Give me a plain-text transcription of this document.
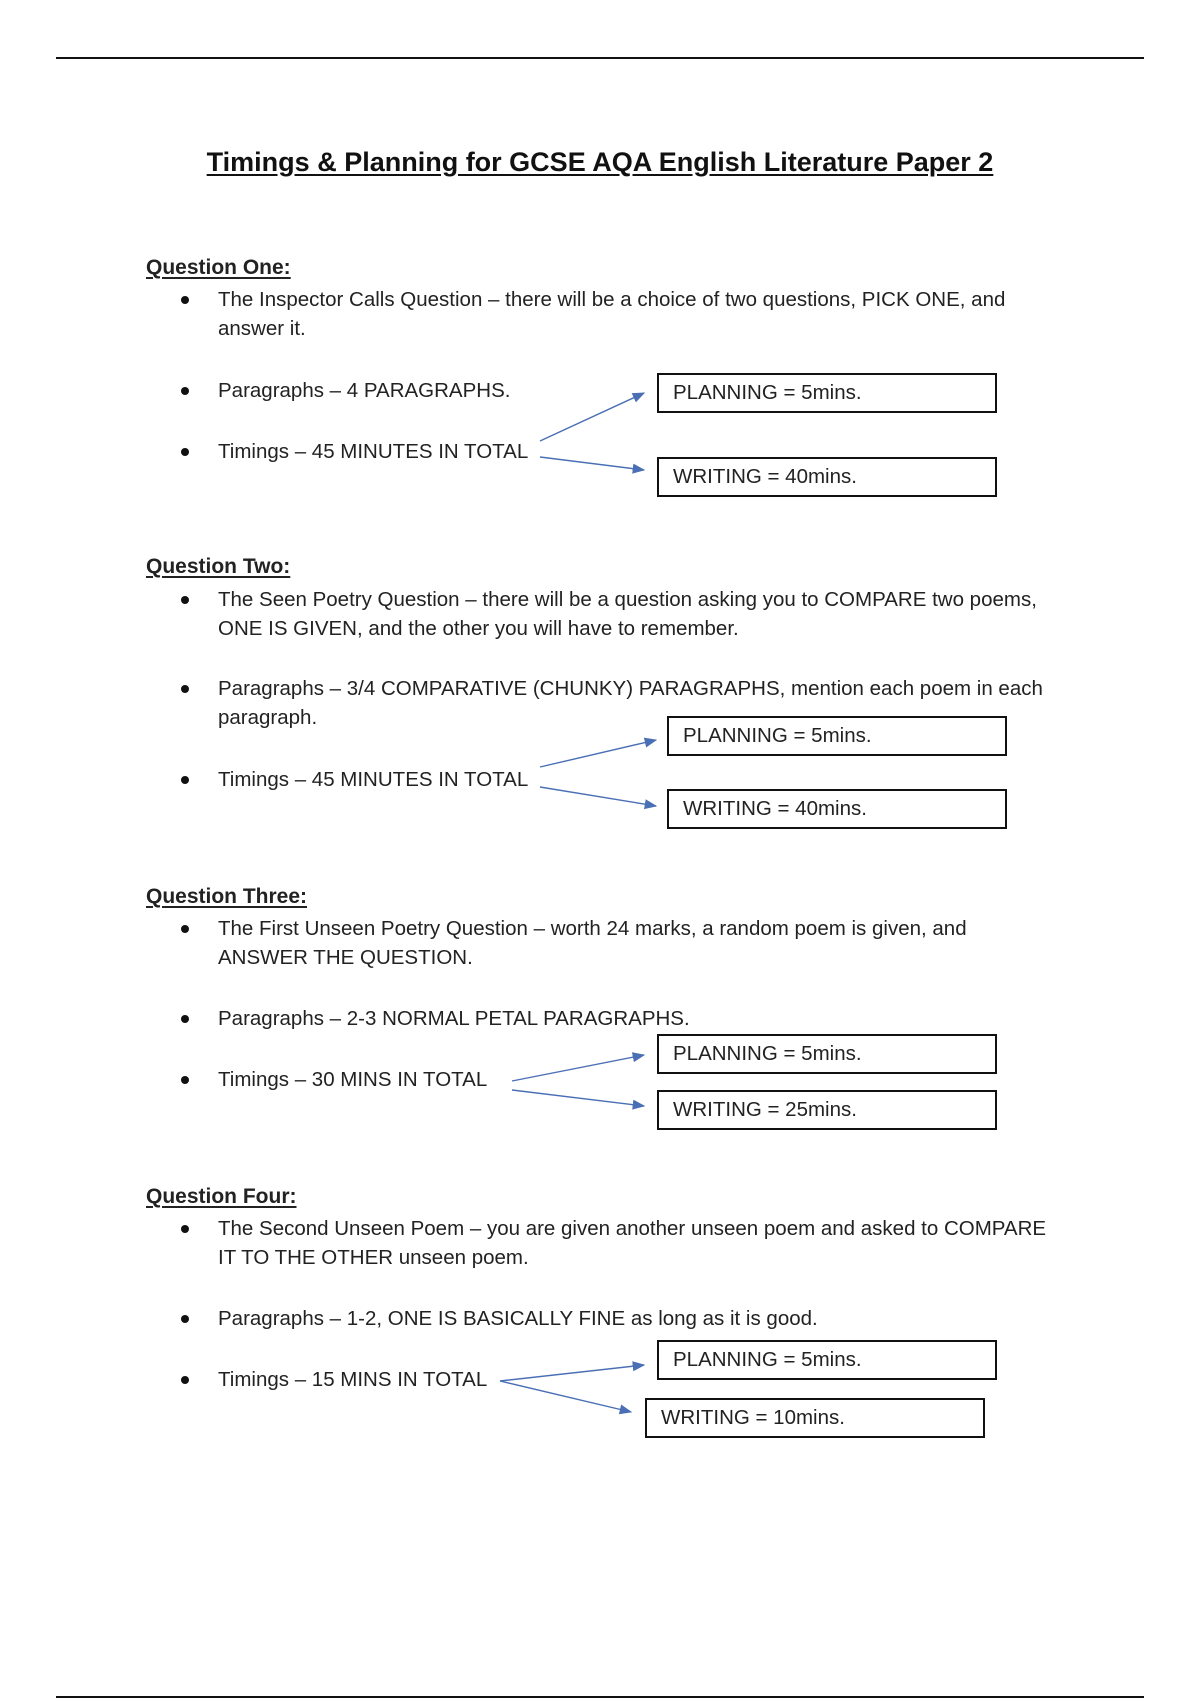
Timings & Planning for GCSE AQA English Literature Paper 2
Question One:
The Inspector Calls Question – there will be a choice of two questions, PICK ONE, and answer it.
Paragraphs – 4 PARAGRAPHS.
Timings – 45 MINUTES IN TOTAL
PLANNING = 5mins.
WRITING = 40mins.
Question Two:
The Seen Poetry Question – there will be a question asking you to COMPARE two poems, ONE IS GIVEN, and the other you will have to remember.
Paragraphs – 3/4 COMPARATIVE (CHUNKY) PARAGRAPHS, mention each poem in each paragraph.
Timings – 45 MINUTES IN TOTAL
PLANNING = 5mins.
WRITING = 40mins.
Question Three:
The First Unseen Poetry Question – worth 24 marks, a random poem is given, and ANSWER THE QUESTION.
Paragraphs – 2-3 NORMAL PETAL PARAGRAPHS.
Timings – 30 MINS IN TOTAL
PLANNING = 5mins.
WRITING = 25mins.
Question Four:
The Second Unseen Poem – you are given another unseen poem and asked to COMPARE IT TO THE OTHER unseen poem.
Paragraphs – 1-2, ONE IS BASICALLY FINE as long as it is good.
Timings – 15 MINS IN TOTAL
PLANNING = 5mins.
WRITING = 10mins.
